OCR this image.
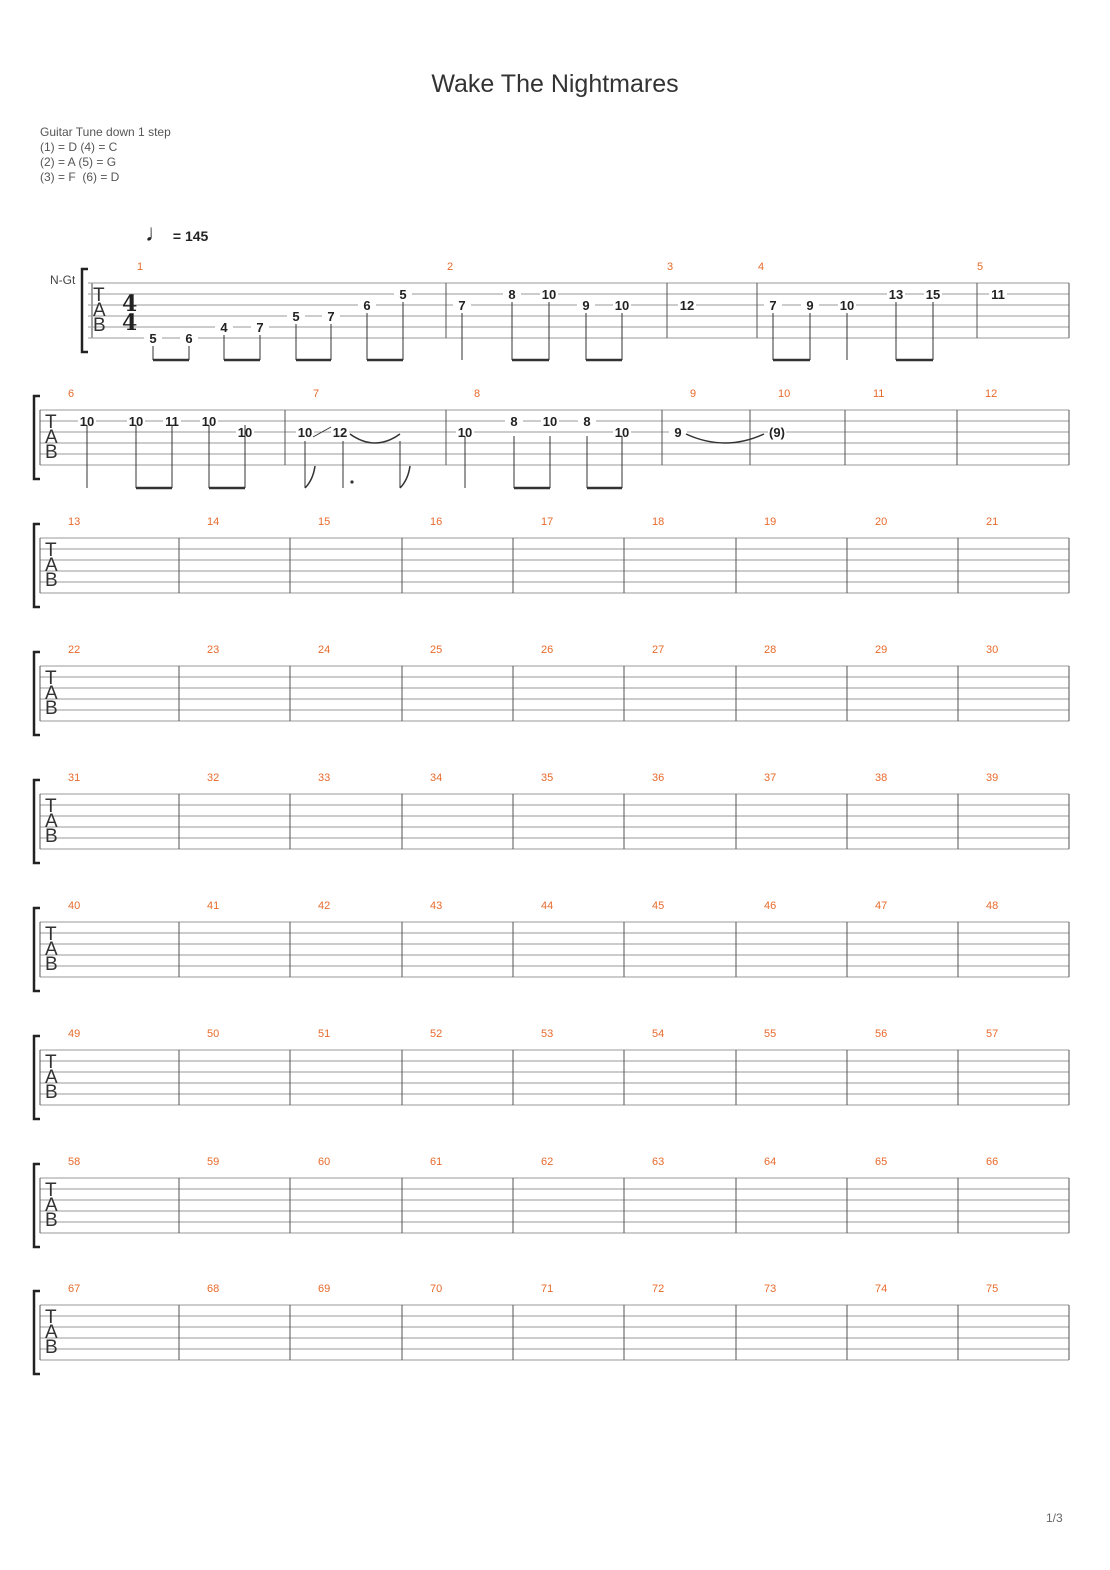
Wake The Nightmares
Guitar Tune down 1 step
(1) = D (4) = C
(2) = A (5) = G
(3) = F  (6) = D
♩ = 145
N-Gt
T
A
B
4
4
1	2	3	4	5
T
A
B
6	7	8	9	10	11	12
T
A
B
13	14	15	16	17	18	19	20	21
T
A
B
22	23	24	25	26	27	28	29	30
T
A
B
31	32	33	34	35	36	37	38	39
T
A
B
40	41	42	43	44	45	46	47	48
T
A
B
49	50	51	52	53	54	55	56	57
T
A
B
58	59	60	61	62	63	64	65	66
T
A
B
67	68	69	70	71	72	73	74	75
5 6
4 7
5 7
6
5
7
8 10
9 10	12	7 9 10
13 15	11
10	10 11 10
10	10 12	10
8 10 8
10	9	(9)
1/3
